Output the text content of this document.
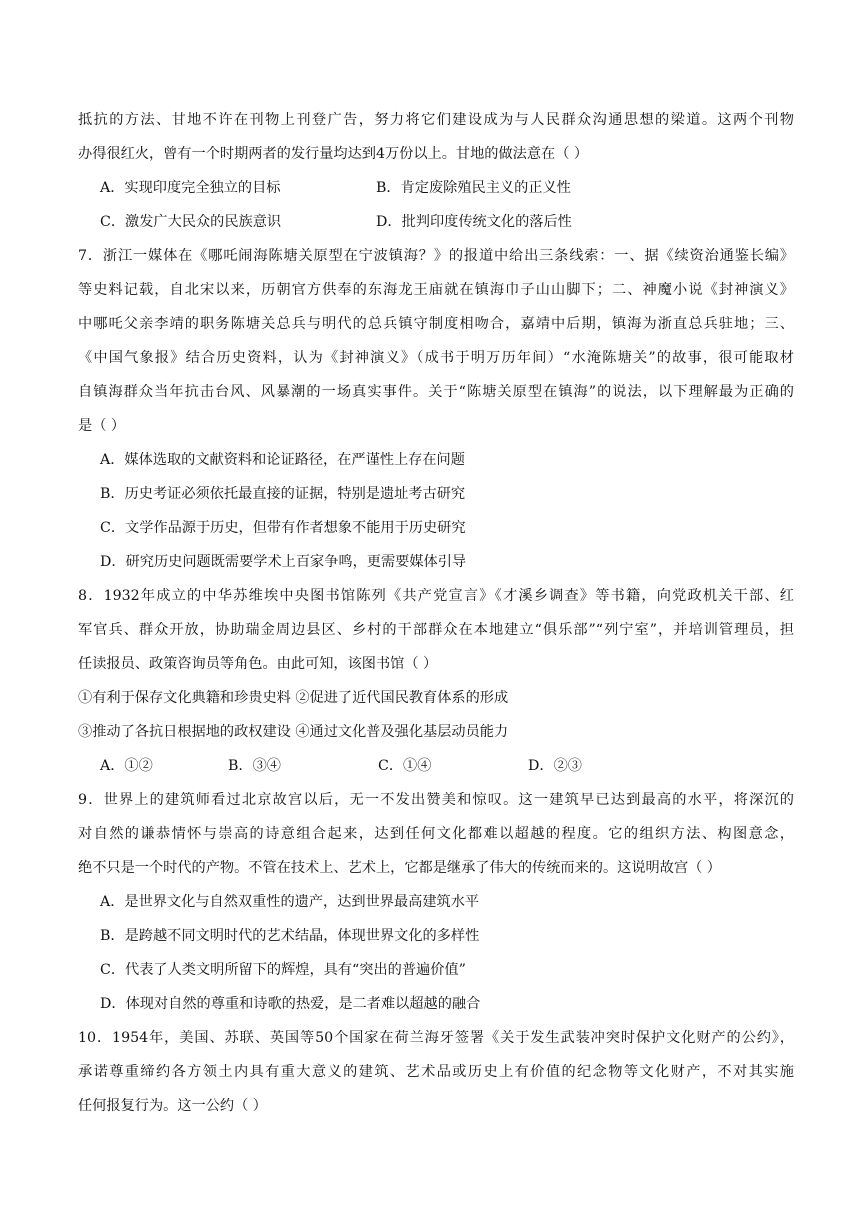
抵抗的方法、甘地不许在刊物上刊登广告，努力将它们建设成为与人民群众沟通思想的梁道。这两个刊物
办得很红火，曾有一个时期两者的发行量均达到4万份以上。甘地的做法意在（ ）
A．实现印度完全独立的目标	B．肯定废除殖民主义的正义性
C．激发广大民众的民族意识	D．批判印度传统文化的落后性
7．浙江一媒体在《哪吒闹海陈塘关原型在宁波镇海？》的报道中给出三条线索：一、据《续资治通鉴长编》
等史料记载，自北宋以来，历朝官方供奉的东海龙王庙就在镇海巾子山山脚下；二、神魔小说《封神演义》
中哪吒父亲李靖的职务陈塘关总兵与明代的总兵镇守制度相吻合，嘉靖中后期，镇海为浙直总兵驻地；三、
《中国气象报》结合历史资料，认为《封神演义》（成书于明万历年间）“水淹陈塘关”的故事，很可能取材
自镇海群众当年抗击台风、风暴潮的一场真实事件。关于“陈塘关原型在镇海”的说法，以下理解最为正确的
是（ ）
A．媒体选取的文献资料和论证路径，在严谨性上存在问题
B．历史考证必须依托最直接的证据，特别是遗址考古研究
C．文学作品源于历史，但带有作者想象不能用于历史研究
D．研究历史问题既需要学术上百家争鸣，更需要媒体引导
8．1932年成立的中华苏维埃中央图书馆陈列《共产党宣言》《才溪乡调查》等书籍，向党政机关干部、红
军官兵、群众开放，协助瑞金周边县区、乡村的干部群众在本地建立“俱乐部”“列宁室”，并培训管理员，担
任读报员、政策咨询员等角色。由此可知，该图书馆（ ）
①有利于保存文化典籍和珍贵史料 ②促进了近代国民教育体系的形成
③推动了各抗日根据地的政权建设 ④通过文化普及强化基层动员能力
A．①②	B．③④	C．①④	D．②③
9．世界上的建筑师看过北京故宫以后，无一不发出赞美和惊叹。这一建筑早已达到最高的水平，将深沉的
对自然的谦恭情怀与崇高的诗意组合起来，达到任何文化都难以超越的程度。它的组织方法、构图意念，
绝不只是一个时代的产物。不管在技术上、艺术上，它都是继承了伟大的传统而来的。这说明故宫（ ）
A．是世界文化与自然双重性的遗产，达到世界最高建筑水平
B．是跨越不同文明时代的艺术结晶，体现世界文化的多样性
C．代表了人类文明所留下的辉煌，具有“突出的普遍价值”
D．体现对自然的尊重和诗歌的热爱，是二者难以超越的融合
10．1954年，美国、苏联、英国等50个国家在荷兰海牙签署《关于发生武装冲突时保护文化财产的公约》，
承诺尊重缔约各方领土内具有重大意义的建筑、艺术品或历史上有价值的纪念物等文化财产，不对其实施
任何报复行为。这一公约（ ）
